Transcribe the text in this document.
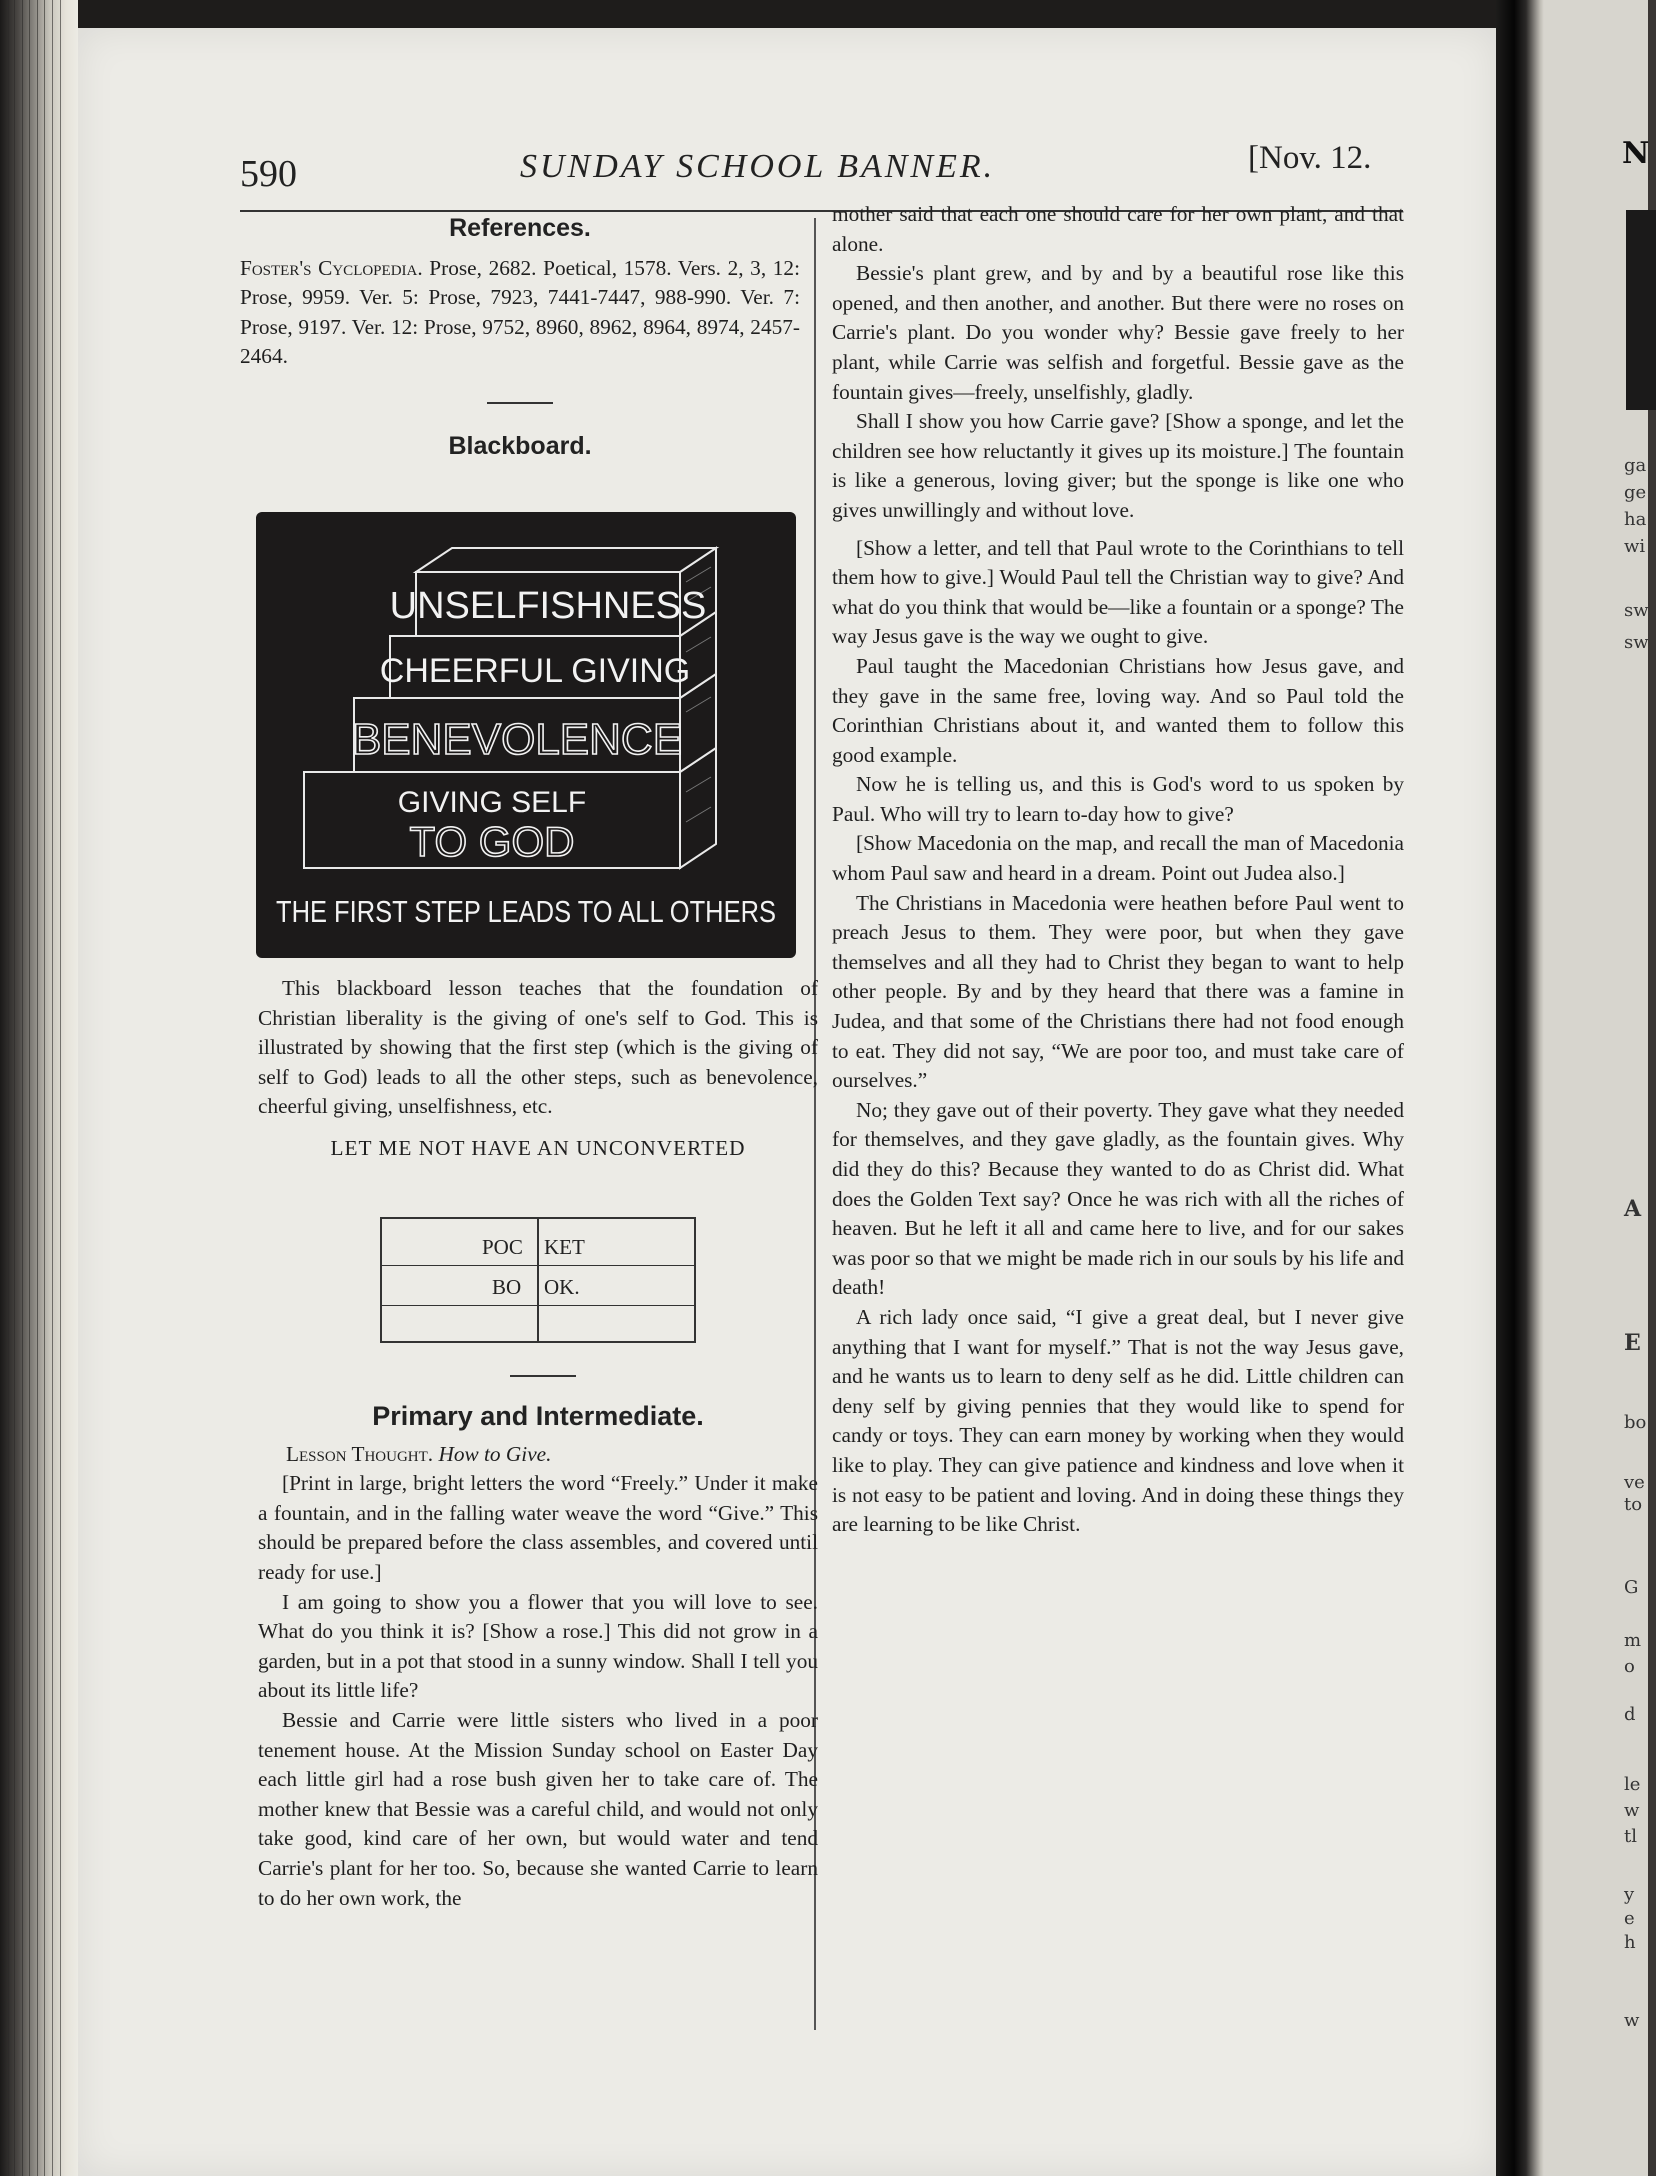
590	SUNDAY SCHOOL BANNER.	[Nov. 12.
References.

Foster's Cyclopedia. Prose, 2682. Poetical, 1578. Vers. 2, 3, 12: Prose, 9959. Ver. 5: Prose, 7923, 7441-7447, 988-990. Ver. 7: Prose, 9197. Ver. 12: Prose, 9752, 8960, 8962, 8964, 8974, 2457-2464.

Blackboard.
UNSELFISHNESS
CHEERFUL GIVING
BENEVOLENCE
GIVING SELF
TO GOD
THE FIRST STEP LEADS TO ALL OTHERS

This blackboard lesson teaches that the foundation of Christian liberality is the giving of one's self to God. This is illustrated by showing that the first step (which is the giving of self to God) leads to all the other steps, such as benevolence, cheerful giving, unselfishness, etc.

LET ME NOT HAVE AN UNCONVERTED

POC KET
BO OK.
Primary and Intermediate.

Lesson Thought. How to Give.

[Print in large, bright letters the word “Freely.” Under it make a fountain, and in the falling water weave the word “Give.” This should be prepared before the class assembles, and covered until ready for use.]

I am going to show you a flower that you will love to see. What do you think it is? [Show a rose.] This did not grow in a garden, but in a pot that stood in a sunny window. Shall I tell you about its little life?

Bessie and Carrie were little sisters who lived in a poor tenement house. At the Mission Sunday school on Easter Day each little girl had a rose bush given her to take care of. The mother knew that Bessie was a careful child, and would not only take good, kind care of her own, but would water and tend Carrie's plant for her too. So, because she wanted Carrie to learn to do her own work, the

mother said that each one should care for her own plant, and that alone.

Bessie's plant grew, and by and by a beautiful rose like this opened, and then another, and another. But there were no roses on Carrie's plant. Do you wonder why? Bessie gave freely to her plant, while Carrie was selfish and forgetful. Bessie gave as the fountain gives—freely, unselfishly, gladly.

Shall I show you how Carrie gave? [Show a sponge, and let the children see how reluctantly it gives up its moisture.] The fountain is like a generous, loving giver; but the sponge is like one who gives unwillingly and without love.

[Show a letter, and tell that Paul wrote to the Corinthians to tell them how to give.] Would Paul tell the Christian way to give? And what do you think that would be—like a fountain or a sponge? The way Jesus gave is the way we ought to give.

Paul taught the Macedonian Christians how Jesus gave, and they gave in the same free, loving way. And so Paul told the Corinthian Christians about it, and wanted them to follow this good example.

Now he is telling us, and this is God's word to us spoken by Paul. Who will try to learn to-day how to give?

[Show Macedonia on the map, and recall the man of Macedonia whom Paul saw and heard in a dream. Point out Judea also.]

The Christians in Macedonia were heathen before Paul went to preach Jesus to them. They were poor, but when they gave themselves and all they had to Christ they began to want to help other people. By and by they heard that there was a famine in Judea, and that some of the Christians there had not food enough to eat. They did not say, “We are poor too, and must take care of ourselves.”

No; they gave out of their poverty. They gave what they needed for themselves, and they gave gladly, as the fountain gives. Why did they do this? Because they wanted to do as Christ did. What does the Golden Text say? Once he was rich with all the riches of heaven. But he left it all and came here to live, and for our sakes was poor so that we might be made rich in our souls by his life and death!

A rich lady once said, “I give a great deal, but I never give anything that I want for myself.” That is not the way Jesus gave, and he wants us to learn to deny self as he did. Little children can deny self by giving pennies that they would like to spend for candy or toys. They can earn money by working when they would like to play. They can give patience and kindness and love when it is not easy to be patient and loving. And in doing these things they are learning to be like Christ.

N
ga
ge
ha
wi
sw
sw
A
E
bo
ve
to
G
m
o
d
le
w
tl
y
e
h
w
